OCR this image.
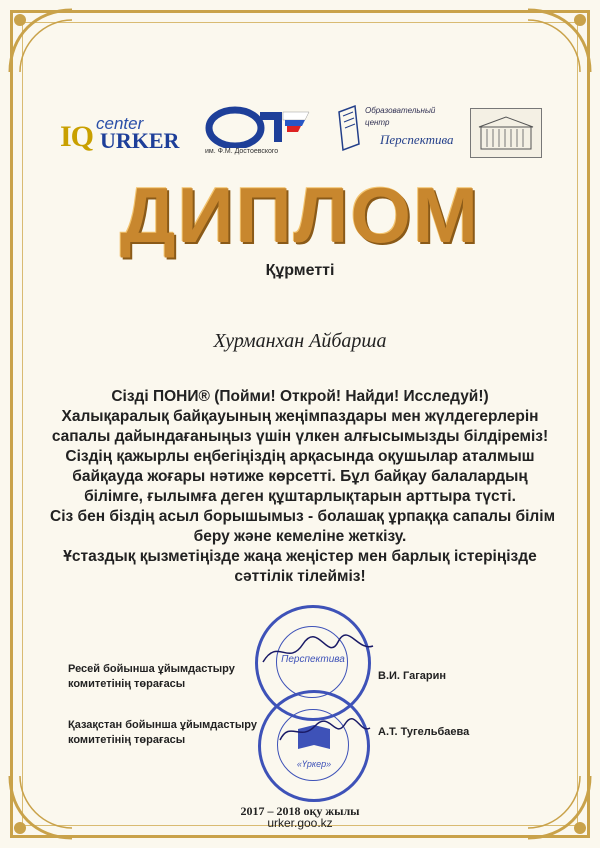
IQ center
URKER	им. Ф.М. Достоевского
Образовательный
центр
Перспектива
ДИПЛОМ
Құрметті
Хурманхан Айбарша
Сізді ПОНИ® (Пойми! Открой! Найди! Исследуй!)
Халықаралық байқауының жеңімпаздары мен жүлдегерлерін
сапалы дайындағаныңыз үшін үлкен алғысымызды білдіреміз!
Сіздің қажырлы еңбегіңіздің арқасында оқушылар аталмыш
байқауда жоғары нәтиже көрсетті. Бұл байқау балалардың
білімге, ғылымға деген құштарлықтарын арттыра түсті.
Сіз бен біздің асыл борышымыз - болашақ ұрпаққа сапалы білім
беру және кемеліне жеткізу.
Ұстаздық қызметіңізде жаңа жеңістер мен барлық істеріңізде
сәттілік тілейміз!
Перспектива
Ресей бойынша ұйымдастыру
комитетінің төрағасы
В.И. Гагарин
«Үркер»
Қазақстан бойынша ұйымдастыру
комитетінің төрағасы
А.Т. Тугельбаева
2017 – 2018 оқу жылы
urker.goo.kz
